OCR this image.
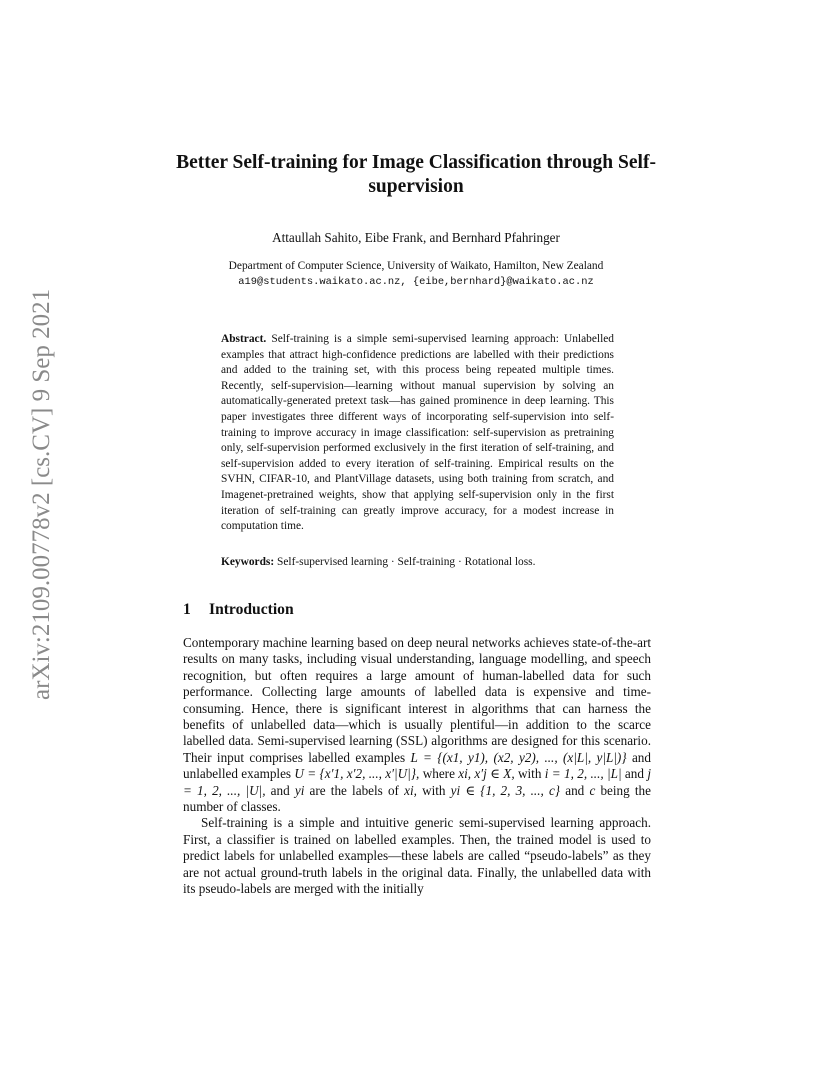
arXiv:2109.00778v2 [cs.CV] 9 Sep 2021
Better Self-training for Image Classification through Self-supervision
Attaullah Sahito, Eibe Frank, and Bernhard Pfahringer
Department of Computer Science, University of Waikato, Hamilton, New Zealand
a19@students.waikato.ac.nz, {eibe,bernhard}@waikato.ac.nz
Abstract. Self-training is a simple semi-supervised learning approach: Unlabelled examples that attract high-confidence predictions are labelled with their predictions and added to the training set, with this process being repeated multiple times. Recently, self-supervision—learning without manual supervision by solving an automatically-generated pretext task—has gained prominence in deep learning. This paper investigates three different ways of incorporating self-supervision into self-training to improve accuracy in image classification: self-supervision as pretraining only, self-supervision performed exclusively in the first iteration of self-training, and self-supervision added to every iteration of self-training. Empirical results on the SVHN, CIFAR-10, and PlantVillage datasets, using both training from scratch, and Imagenet-pretrained weights, show that applying self-supervision only in the first iteration of self-training can greatly improve accuracy, for a modest increase in computation time.
Keywords: Self-supervised learning · Self-training · Rotational loss.
1 Introduction

Contemporary machine learning based on deep neural networks achieves state-of-the-art results on many tasks, including visual understanding, language modelling, and speech recognition, but often requires a large amount of human-labelled data for such performance. Collecting large amounts of labelled data is expensive and time-consuming. Hence, there is significant interest in algorithms that can harness the benefits of unlabelled data—which is usually plentiful—in addition to the scarce labelled data. Semi-supervised learning (SSL) algorithms are designed for this scenario. Their input comprises labelled examples L = {(x1, y1), (x2, y2), ..., (x|L|, y|L|)} and unlabelled examples U = {x′1, x′2, ..., x′|U|}, where xi, x′j ∈ X, with i = 1, 2, ..., |L| and j = 1, 2, ..., |U|, and yi are the labels of xi, with yi ∈ {1, 2, 3, ..., c} and c being the number of classes.

Self-training is a simple and intuitive generic semi-supervised learning approach. First, a classifier is trained on labelled examples. Then, the trained model is used to predict labels for unlabelled examples—these labels are called “pseudo-labels” as they are not actual ground-truth labels in the original data. Finally, the unlabelled data with its pseudo-labels are merged with the initially
